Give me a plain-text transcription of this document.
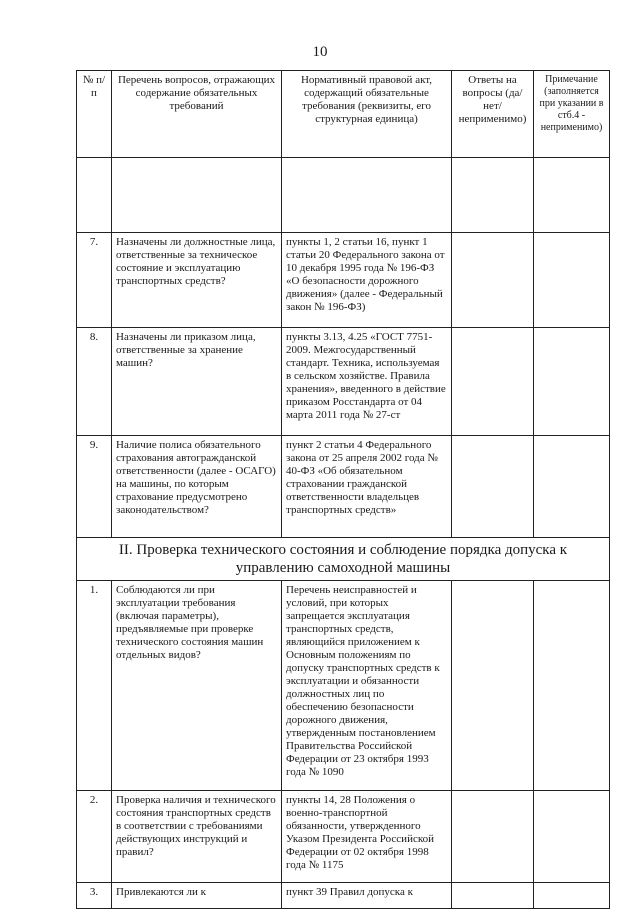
10
№ п/п	Перечень вопросов, отражающих содержание обязательных требований	Нормативный правовой акт, содержащий обязательные требования (реквизиты, его структурная единица)	Ответы на вопросы (да/нет/ неприменимо)	Примечание (заполняется при указании в стб.4 - неприменимо)

7.	Назначены ли должностные лица, ответственные за техническое состояние и эксплуатацию транспортных средств?	пункты 1, 2 статьи 16, пункт 1 статьи 20 Федерального закона от 10 декабря 1995 года № 196-ФЗ «О безопасности дорожного движения» (далее - Федеральный закон № 196-ФЗ)		
8.	Назначены ли приказом лица, ответственные за хранение машин?	пункты 3.13, 4.25 «ГОСТ 7751-2009. Межгосударственный стандарт. Техника, используемая в сельском хозяйстве. Правила хранения», введенного в действие приказом Росстандарта от 04 марта 2011 года № 27-ст		
9.	Наличие полиса обязательного страхования автогражданской ответственности (далее - ОСАГО) на машины, по которым страхование предусмотрено законодательством?	пункт 2 статьи 4 Федерального закона от 25 апреля 2002 года № 40-ФЗ «Об обязательном страховании гражданской ответственности владельцев транспортных средств»		
II. Проверка технического состояния и соблюдение порядка допуска к управлению самоходной машины				
1.	Соблюдаются ли при эксплуатации требования (включая параметры), предъявляемые при проверке технического состояния машин отдельных видов?	Перечень неисправностей и условий, при которых запрещается эксплуатация транспортных средств, являющийся приложением к Основным положениям по допуску транспортных средств к эксплуатации и обязанности должностных лиц по обеспечению безопасности дорожного движения, утвержденным постановлением Правительства Российской Федерации от 23 октября 1993 года № 1090		
2.	Проверка наличия и технического состояния транспортных средств в соответствии с требованиями действующих инструкций и правил?	пункты 14, 28 Положения о военно-транспортной обязанности, утвержденного Указом Президента Российской Федерации от 02 октября 1998 года № 1175		
3.	Привлекаются ли к	пункт 39 Правил допуска к		
